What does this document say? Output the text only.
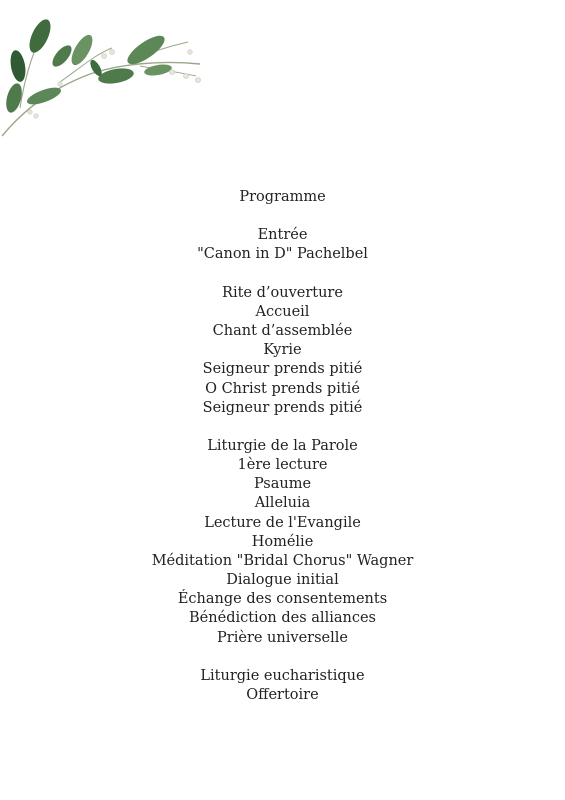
Programme
Entrée
"Canon in D" Pachelbel
Rite d’ouverture
Accueil
Chant d’assemblée
Kyrie
Seigneur prends pitié
O Christ prends pitié
Seigneur prends pitié
Liturgie de la Parole
1ère lecture
Psaume
Alleluia
Lecture de l'Evangile
Homélie
Méditation "Bridal Chorus" Wagner
Dialogue initial
Échange des consentements
Bénédiction des alliances
Prière universelle
Liturgie eucharistique
Offertoire
